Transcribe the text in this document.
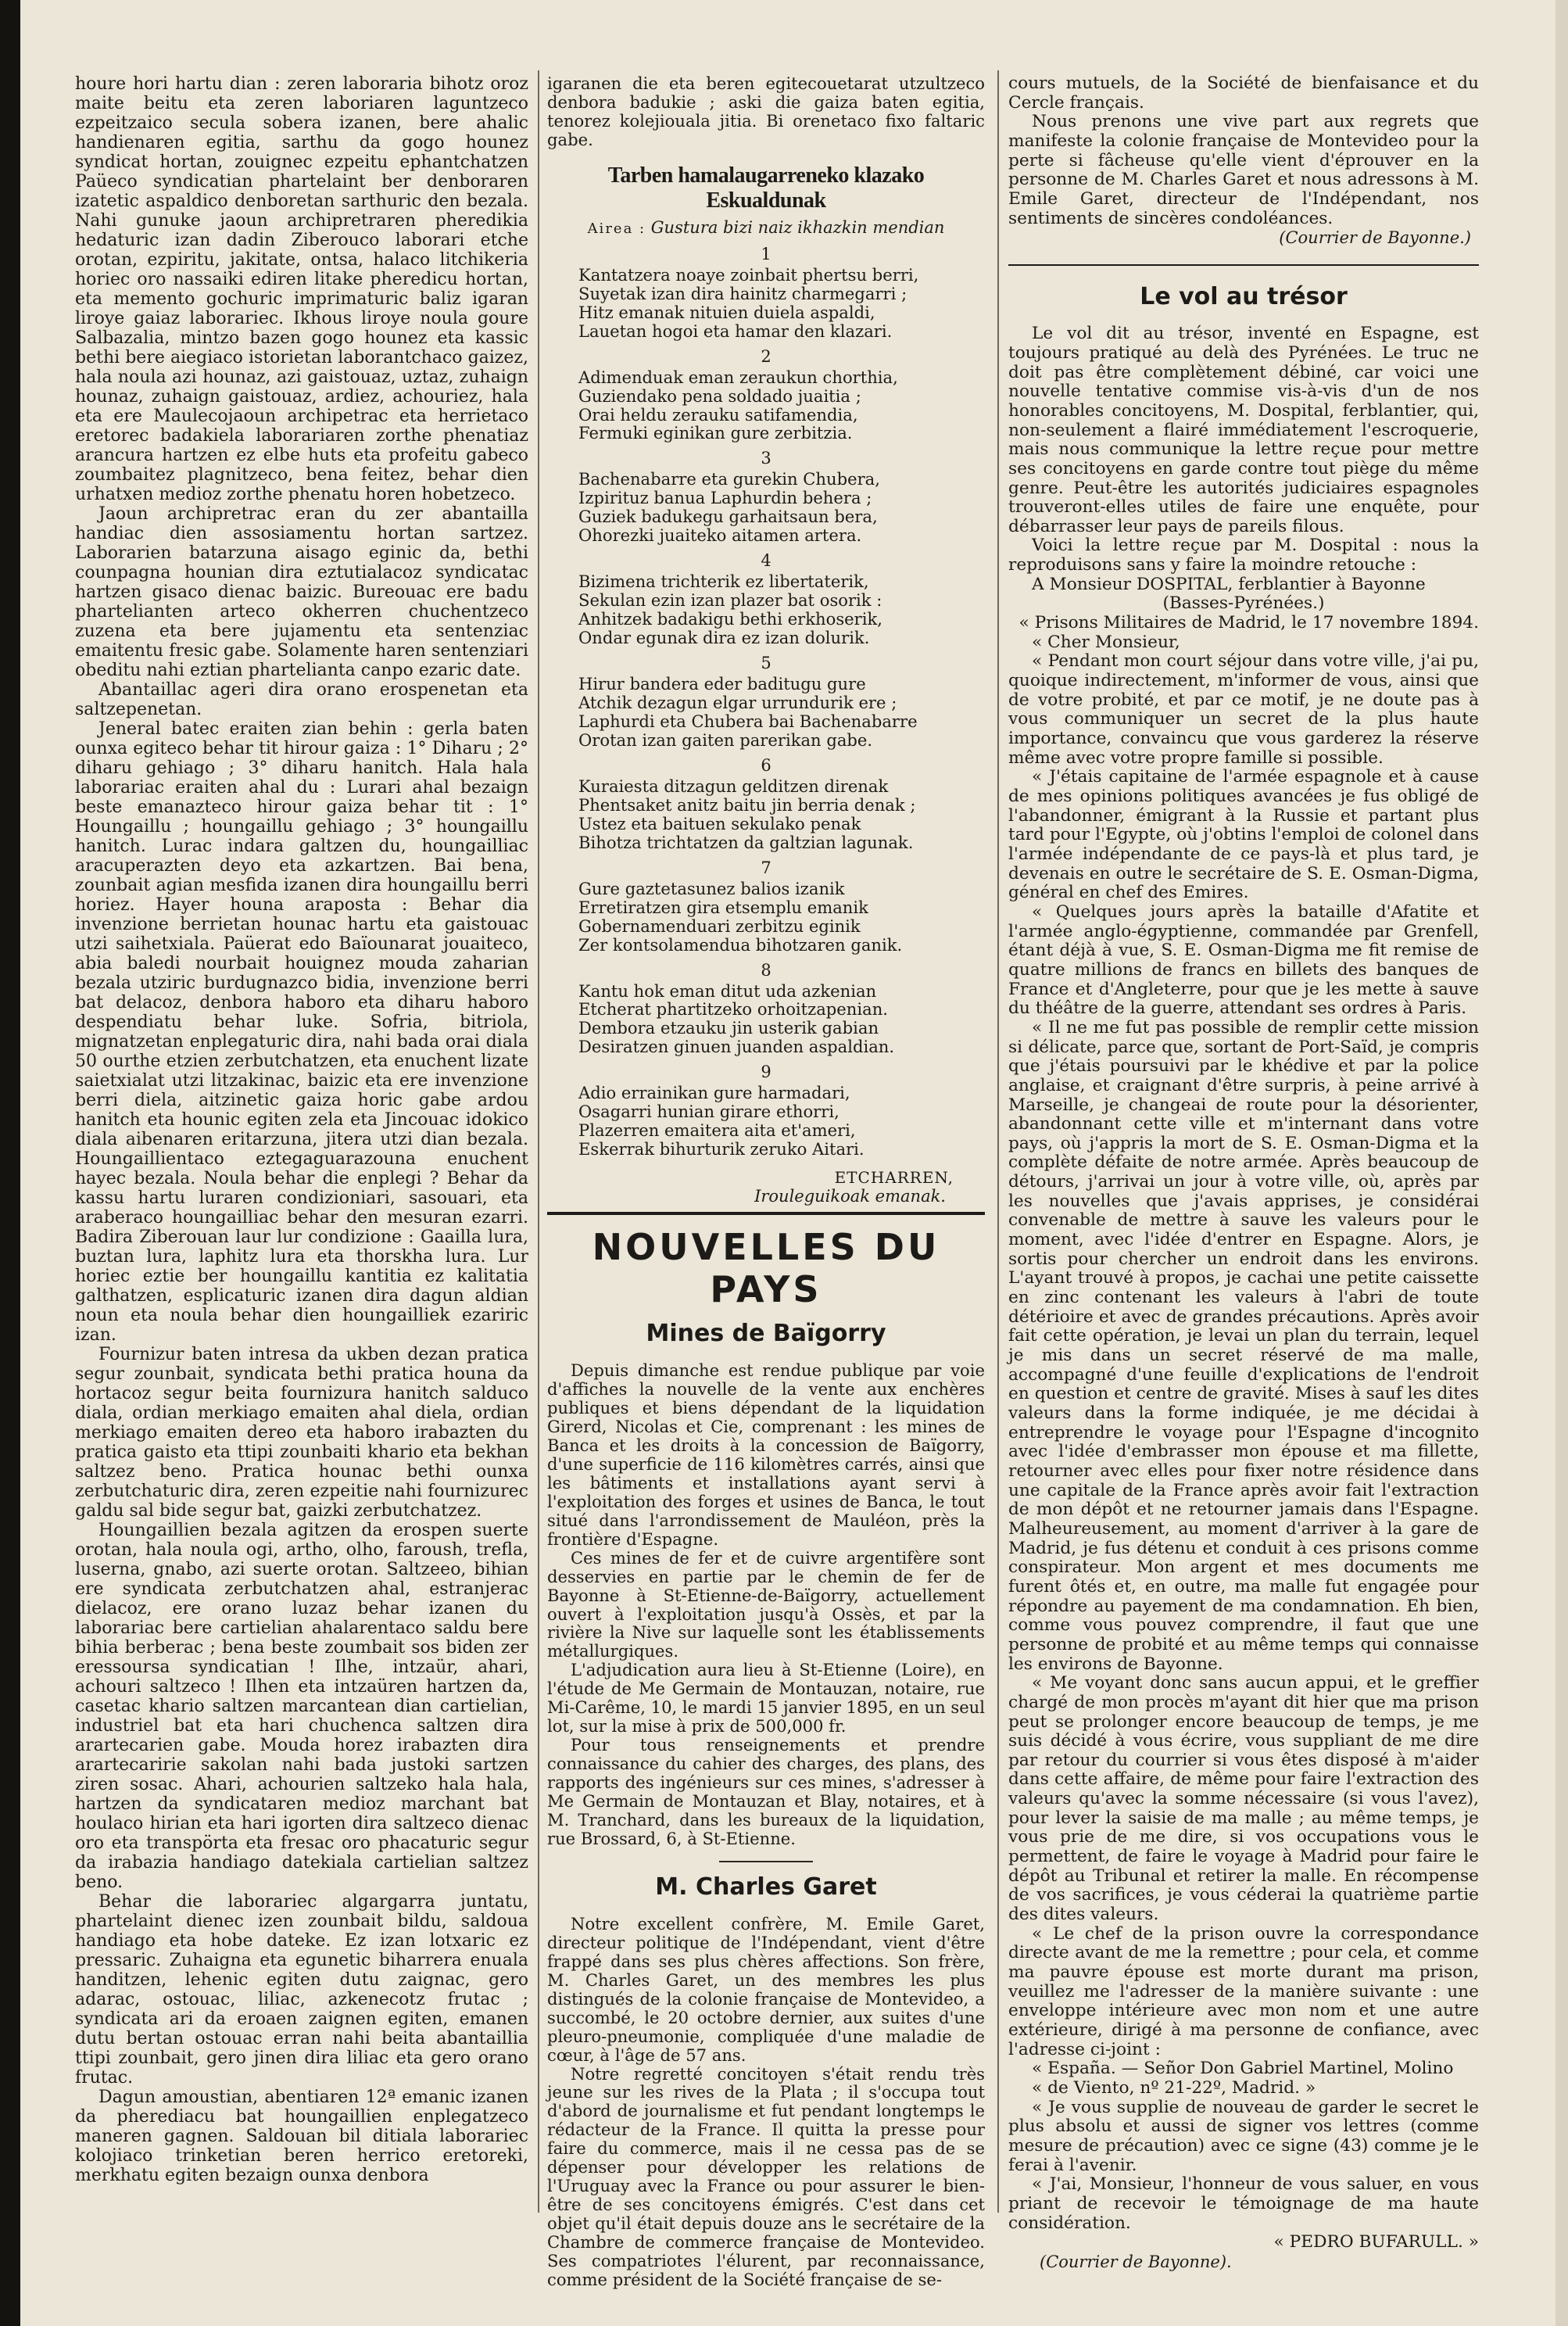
houre hori hartu dian : zeren laboraria bihotz oroz maite beitu eta zeren laboriaren laguntzeco ezpeitzaico secula sobera izanen, bere ahalic handienaren egitia, sarthu da gogo hounez syndicat hortan, zouignec ezpeitu ephantchatzen Paüeco syndicatian phartelaint ber denboraren izatetic aspaldico denboretan sarthuric den bezala. Nahi gunuke jaoun archipretraren pheredikia hedaturic izan dadin Ziberouco laborari etche orotan, ezpiritu, jakitate, ontsa, halaco litchikeria horiec oro nassaiki ediren litake pheredicu hortan, eta memento gochuric imprimaturic baliz igaran liroye gaiaz laborariec. Ikhous liroye noula goure Salbazalia, mintzo bazen gogo hounez eta kassic bethi bere aiegiaco istorietan laborantchaco gaizez, hala noula azi hounaz, azi gaistouaz, uztaz, zuhaign hounaz, zuhaign gaistouaz, ardiez, achouriez, hala eta ere Maulecojaoun archipetrac eta herrietaco eretorec badakiela laborariaren zorthe phenatiaz arancura hartzen ez elbe huts eta profeitu gabeco zoumbaitez plagnitzeco, bena feitez, behar dien urhatxen medioz zorthe phenatu horen hobetzeco.

Jaoun archipretrac eran du zer abantailla handiac dien assosiamentu hortan sartzez. Laborarien batarzuna aisago eginic da, bethi counpagna hounian dira eztutialacoz syndicatac hartzen gisaco dienac baizic. Bureouac ere badu phartelianten arteco okherren chuchentzeco zuzena eta bere jujamentu eta sentenziac emaitentu fresic gabe. Solamente haren sentenziari obeditu nahi eztian phartelianta canpo ezaric date.

Abantaillac ageri dira orano erospenetan eta saltzepenetan.

Jeneral batec eraiten zian behin : gerla baten ounxa egiteco behar tit hirour gaiza : 1° Diharu ; 2° diharu gehiago ; 3° diharu hanitch. Hala hala laborariac eraiten ahal du : Lurari ahal bezaign beste emanazteco hirour gaiza behar tit : 1° Houngaillu ; houngaillu gehiago ; 3° houngaillu hanitch. Lurac indara galtzen du, houngailliac aracuperazten deyo eta azkartzen. Bai bena, zounbait agian mesfida izanen dira houngaillu berri horiez. Hayer houna araposta : Behar dia invenzione berrietan hounac hartu eta gaistouac utzi saihetxiala. Paüerat edo Baïounarat jouaiteco, abia baledi nourbait houignez mouda zaharian bezala utziric burdugnazco bidia, invenzione berri bat delacoz, denbora haboro eta diharu haboro despendiatu behar luke. Sofria, bitriola, mignatzetan enplegaturic dira, nahi bada orai diala 50 ourthe etzien zerbutchatzen, eta enuchent lizate saietxialat utzi litzakinac, baizic eta ere invenzione berri diela, aitzinetic gaiza horic gabe ardou hanitch eta hounic egiten zela eta Jincouac idokico diala aibenaren eritarzuna, jitera utzi dian bezala. Houngaillientaco eztegaguarazouna enuchent hayec bezala. Noula behar die enplegi ? Behar da kassu hartu luraren condizioniari, sasouari, eta araberaco houngailliac behar den mesuran ezarri. Badira Ziberouan laur lur condizione : Gaailla lura, buztan lura, laphitz lura eta thorskha lura. Lur horiec eztie ber houngaillu kantitia ez kalitatia galthatzen, esplicaturic izanen dira dagun aldian noun eta noula behar dien houngailliek ezariric izan.

Fournizur baten intresa da ukben dezan pratica segur zounbait, syndicata bethi pratica houna da hortacoz segur beita fournizura hanitch salduco diala, ordian merkiago emaiten ahal diela, ordian merkiago emaiten dereo eta haboro irabazten du pratica gaisto eta ttipi zounbaiti khario eta bekhan saltzez beno. Pratica hounac bethi ounxa zerbutchaturic dira, zeren ezpeitie nahi fournizurec galdu sal bide segur bat, gaizki zerbutchatzez.

Houngaillien bezala agitzen da erospen suerte orotan, hala noula ogi, artho, olho, faroush, trefla, luserna, gnabo, azi suerte orotan. Saltzeeo, bihian ere syndicata zerbutchatzen ahal, estranjerac dielacoz, ere orano luzaz behar izanen du laborariac bere cartielian ahalarentaco saldu bere bihia berberac ; bena beste zoumbait sos biden zer eressoursa syndicatian ! Ilhe, intzaür, ahari, achouri saltzeco ! Ilhen eta intzaüren hartzen da, casetac khario saltzen marcantean dian cartielian, industriel bat eta hari chuchenca saltzen dira arartecarien gabe. Mouda horez irabazten dira arartecaririe sakolan nahi bada justoki sartzen ziren sosac. Ahari, achourien saltzeko hala hala, hartzen da syndicataren medioz marchant bat houlaco hirian eta hari igorten dira saltzeco dienac oro eta transpörta eta fresac oro phacaturic segur da irabazia handiago datekiala cartielian saltzez beno.

Behar die laborariec algargarra juntatu, phartelaint dienec izen zounbait bildu, saldoua handiago eta hobe dateke. Ez izan lotxaric ez pressaric. Zuhaigna eta egunetic biharrera enuala handitzen, lehenic egiten dutu zaignac, gero adarac, ostouac, liliac, azkenecotz frutac ; syndicata ari da eroaen zaignen egiten, emanen dutu bertan ostouac erran nahi beita abantaillia ttipi zounbait, gero jinen dira liliac eta gero orano frutac.

Dagun amoustian, abentiaren 12ª emanic izanen da pherediacu bat houngaillien enplegatzeco maneren gagnen. Saldouan bil ditiala laborariec kolojiaco trinketian beren herrico eretoreki, merkhatu egiten bezaign ounxa denbora

igaranen die eta beren egitecouetarat utzultzeco denbora badukie ; aski die gaiza baten egitia, tenorez kolejiouala jitia. Bi orenetaco fixo faltaric gabe.

Tarben hamalaugarreneko klazako Eskualdunak
Airea : Gustura bizi naiz ikhazkin mendian
1
Kantatzera noaye zoinbait phertsu berri,
Suyetak izan dira hainitz charmegarri ;
Hitz emanak nituien duiela aspaldi,
Lauetan hogoi eta hamar den klazari.
2
Adimenduak eman zeraukun chorthia,
Guziendako pena soldado juaitia ;
Orai heldu zerauku satifamendia,
Fermuki eginikan gure zerbitzia.
3
Bachenabarre eta gurekin Chubera,
Izpirituz banua Laphurdin behera ;
Guziek badukegu garhaitsaun bera,
Ohorezki juaiteko aitamen artera.
4
Bizimena trichterik ez libertaterik,
Sekulan ezin izan plazer bat osorik :
Anhitzek badakigu bethi erkhoserik,
Ondar egunak dira ez izan dolurik.
5
Hirur bandera eder baditugu gure
Atchik dezagun elgar urrundurik ere ;
Laphurdi eta Chubera bai Bachenabarre
Orotan izan gaiten parerikan gabe.
6
Kuraiesta ditzagun gelditzen direnak
Phentsaket anitz baitu jin berria denak ;
Ustez eta baituen sekulako penak
Bihotza trichtatzen da galtzian lagunak.
7
Gure gaztetasunez balios izanik
Erretiratzen gira etsemplu emanik
Gobernamenduari zerbitzu eginik
Zer kontsolamendua bihotzaren ganik.
8
Kantu hok eman ditut uda azkenian
Etcherat phartitzeko orhoitzapenian.
Dembora etzauku jin usterik gabian
Desiratzen ginuen juanden aspaldian.
9
Adio errainikan gure harmadari,
Osagarri hunian girare ethorri,
Plazerren emaitera aita et'ameri,
Eskerrak bihurturik zeruko Aitari.
ETCHARREN,
Irouleguikoak emanak.
NOUVELLES DU PAYS
Mines de Baïgorry

Depuis dimanche est rendue publique par voie d'affiches la nouvelle de la vente aux enchères publiques et biens dépendant de la liquidation Girerd, Nicolas et Cie, comprenant : les mines de Banca et les droits à la concession de Baïgorry, d'une superficie de 116 kilomètres carrés, ainsi que les bâtiments et installations ayant servi à l'exploitation des forges et usines de Banca, le tout situé dans l'arrondissement de Mauléon, près la frontière d'Espagne.

Ces mines de fer et de cuivre argentifère sont desservies en partie par le chemin de fer de Bayonne à St-Etienne-de-Baïgorry, actuellement ouvert à l'exploitation jusqu'à Ossès, et par la rivière la Nive sur laquelle sont les établissements métallurgiques.

L'adjudication aura lieu à St-Etienne (Loire), en l'étude de Me Germain de Montauzan, notaire, rue Mi-Carême, 10, le mardi 15 janvier 1895, en un seul lot, sur la mise à prix de 500,000 fr.

Pour tous renseignements et prendre connaissance du cahier des charges, des plans, des rapports des ingénieurs sur ces mines, s'adresser à Me Germain de Montauzan et Blay, notaires, et à M. Tranchard, dans les bureaux de la liquidation, rue Brossard, 6, à St-Etienne.

M. Charles Garet

Notre excellent confrère, M. Emile Garet, directeur politique de l'Indépendant, vient d'être frappé dans ses plus chères affections. Son frère, M. Charles Garet, un des membres les plus distingués de la colonie française de Montevideo, a succombé, le 20 octobre dernier, aux suites d'une pleuro-pneumonie, compliquée d'une maladie de cœur, à l'âge de 57 ans.

Notre regretté concitoyen s'était rendu très jeune sur les rives de la Plata ; il s'occupa tout d'abord de journalisme et fut pendant longtemps le rédacteur de la France. Il quitta la presse pour faire du commerce, mais il ne cessa pas de se dépenser pour développer les relations de l'Uruguay avec la France ou pour assurer le bien-être de ses concitoyens émigrés. C'est dans cet objet qu'il était depuis douze ans le secrétaire de la Chambre de commerce française de Montevideo. Ses compatriotes l'élurent, par reconnaissance, comme président de la Société française de se-

cours mutuels, de la Société de bienfaisance et du Cercle français.

Nous prenons une vive part aux regrets que manifeste la colonie française de Montevideo pour la perte si fâcheuse qu'elle vient d'éprouver en la personne de M. Charles Garet et nous adressons à M. Emile Garet, directeur de l'Indépendant, nos sentiments de sincères condoléances.

(Courrier de Bayonne.)
Le vol au trésor

Le vol dit au trésor, inventé en Espagne, est toujours pratiqué au delà des Pyrénées. Le truc ne doit pas être complètement débiné, car voici une nouvelle tentative commise vis-à-vis d'un de nos honorables concitoyens, M. Dospital, ferblantier, qui, non-seulement a flairé immédiatement l'escroquerie, mais nous communique la lettre reçue pour mettre ses concitoyens en garde contre tout piège du même genre. Peut-être les autorités judiciaires espagnoles trouveront-elles utiles de faire une enquête, pour débarrasser leur pays de pareils filous.

Voici la lettre reçue par M. Dospital : nous la reproduisons sans y faire la moindre retouche :

A Monsieur DOSPITAL, ferblantier à Bayonne

(Basses-Pyrénées.)

« Prisons Militaires de Madrid, le 17 novembre 1894.

« Cher Monsieur,

« Pendant mon court séjour dans votre ville, j'ai pu, quoique indirectement, m'informer de vous, ainsi que de votre probité, et par ce motif, je ne doute pas à vous communiquer un secret de la plus haute importance, convaincu que vous garderez la réserve même avec votre propre famille si possible.

« J'étais capitaine de l'armée espagnole et à cause de mes opinions politiques avancées je fus obligé de l'abandonner, émigrant à la Russie et partant plus tard pour l'Egypte, où j'obtins l'emploi de colonel dans l'armée indépendante de ce pays-là et plus tard, je devenais en outre le secrétaire de S. E. Osman-Digma, général en chef des Emires.

« Quelques jours après la bataille d'Afatite et l'armée anglo-égyptienne, commandée par Grenfell, étant déjà à vue, S. E. Osman-Digma me fit remise de quatre millions de francs en billets des banques de France et d'Angleterre, pour que je les mette à sauve du théâtre de la guerre, attendant ses ordres à Paris.

« Il ne me fut pas possible de remplir cette mission si délicate, parce que, sortant de Port-Saïd, je compris que j'étais poursuivi par le khédive et par la police anglaise, et craignant d'être surpris, à peine arrivé à Marseille, je changeai de route pour la désorienter, abandonnant cette ville et m'internant dans votre pays, où j'appris la mort de S. E. Osman-Digma et la complète défaite de notre armée. Après beaucoup de détours, j'arrivai un jour à votre ville, où, après par les nouvelles que j'avais apprises, je considérai convenable de mettre à sauve les valeurs pour le moment, avec l'idée d'entrer en Espagne. Alors, je sortis pour chercher un endroit dans les environs. L'ayant trouvé à propos, je cachai une petite caissette en zinc contenant les valeurs à l'abri de toute détérioire et avec de grandes précautions. Après avoir fait cette opération, je levai un plan du terrain, lequel je mis dans un secret réservé de ma malle, accompagné d'une feuille d'explications de l'endroit en question et centre de gravité. Mises à sauf les dites valeurs dans la forme indiquée, je me décidai à entreprendre le voyage pour l'Espagne d'incognito avec l'idée d'embrasser mon épouse et ma fillette, retourner avec elles pour fixer notre résidence dans une capitale de la France après avoir fait l'extraction de mon dépôt et ne retourner jamais dans l'Espagne. Malheureusement, au moment d'arriver à la gare de Madrid, je fus détenu et conduit à ces prisons comme conspirateur. Mon argent et mes documents me furent ôtés et, en outre, ma malle fut engagée pour répondre au payement de ma condamnation. Eh bien, comme vous pouvez comprendre, il faut que une personne de probité et au même temps qui connaisse les environs de Bayonne.

« Me voyant donc sans aucun appui, et le greffier chargé de mon procès m'ayant dit hier que ma prison peut se prolonger encore beaucoup de temps, je me suis décidé à vous écrire, vous suppliant de me dire par retour du courrier si vous êtes disposé à m'aider dans cette affaire, de même pour faire l'extraction des valeurs qu'avec la somme nécessaire (si vous l'avez), pour lever la saisie de ma malle ; au même temps, je vous prie de me dire, si vos occupations vous le permettent, de faire le voyage à Madrid pour faire le dépôt au Tribunal et retirer la malle. En récompense de vos sacrifices, je vous céderai la quatrième partie des dites valeurs.

« Le chef de la prison ouvre la correspondance directe avant de me la remettre ; pour cela, et comme ma pauvre épouse est morte durant ma prison, veuillez me l'adresser de la manière suivante : une enveloppe intérieure avec mon nom et une autre extérieure, dirigé à ma personne de confiance, avec l'adresse ci-joint :

« España. — Señor Don Gabriel Martinel, Molino

« de Viento, nº 21-22º, Madrid. »

« Je vous supplie de nouveau de garder le secret le plus absolu et aussi de signer vos lettres (comme mesure de précaution) avec ce signe (43) comme je le ferai à l'avenir.

« J'ai, Monsieur, l'honneur de vous saluer, en vous priant de recevoir le témoignage de ma haute considération.

« PEDRO BUFARULL. »

(Courrier de Bayonne).
